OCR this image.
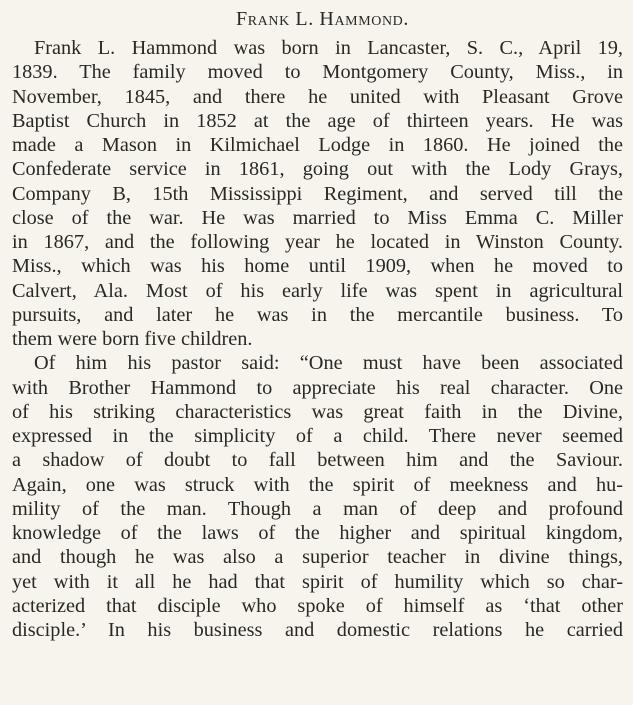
Frank L. Hammond.
Frank L. Hammond was born in Lancaster, S. C., April 19,
1839. The family moved to Montgomery County, Miss., in
November, 1845, and there he united with Pleasant Grove
Baptist Church in 1852 at the age of thirteen years. He was
made a Mason in Kilmichael Lodge in 1860. He joined the
Confederate service in 1861, going out with the Lody Grays,
Company B, 15th Mississippi Regiment, and served till the
close of the war. He was married to Miss Emma C. Miller
in 1867, and the following year he located in Winston County.
Miss., which was his home until 1909, when he moved to
Calvert, Ala. Most of his early life was spent in agricultural
pursuits, and later he was in the mercantile business. To
them were born five children.
Of him his pastor said: “One must have been associated
with Brother Hammond to appreciate his real character. One
of his striking characteristics was great faith in the Divine,
expressed in the simplicity of a child. There never seemed
a shadow of doubt to fall between him and the Saviour.
Again, one was struck with the spirit of meekness and hu-
mility of the man. Though a man of deep and profound
knowledge of the laws of the higher and spiritual kingdom,
and though he was also a superior teacher in divine things,
yet with it all he had that spirit of humility which so char-
acterized that disciple who spoke of himself as ‘that other
disciple.’ In his business and domestic relations he carried
